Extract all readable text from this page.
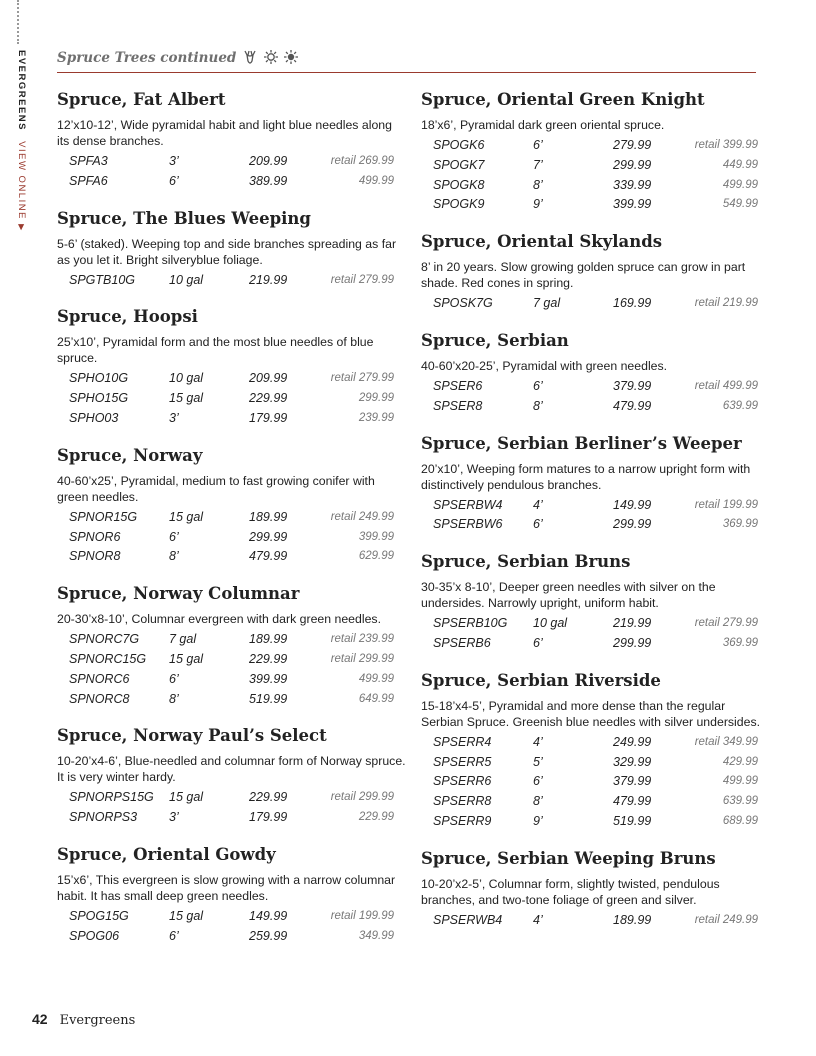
EVERGREENS VIEW ONLINE ▶
Spruce Trees continued
Spruce, Fat Albert

12’x10-12’, Wide pyramidal habit and light blue needles along its dense branches.

SPFA3	3’	209.99	retail 269.99
SPFA6	6’	389.99	499.99
Spruce, The Blues Weeping

5-6’ (staked). Weeping top and side branches spreading as far as you let it. Bright silveryblue foliage.

SPGTB10G	10 gal	219.99	retail 279.99
Spruce, Hoopsi

25’x10’, Pyramidal form and the most blue needles of blue spruce.

SPHO10G	10 gal	209.99	retail 279.99
SPHO15G	15 gal	229.99	299.99
SPHO03	3’	179.99	239.99
Spruce, Norway

40-60’x25’, Pyramidal, medium to fast growing conifer with green needles.

SPNOR15G	15 gal	189.99	retail 249.99
SPNOR6	6’	299.99	399.99
SPNOR8	8’	479.99	629.99
Spruce, Norway Columnar

20-30’x8-10’, Columnar evergreen with dark green needles.

SPNORC7G 7 gal	189.99	retail 239.99
SPNORC15G 15 gal	229.99	retail 299.99
SPNORC6	6’	399.99	499.99
SPNORC8	8’	519.99	649.99
Spruce, Norway Paul’s Select

10-20’x4-6’, Blue-needled and columnar form of Norway spruce. It is very winter hardy.

SPNORPS15G 15 gal	229.99	retail 299.99
SPNORPS3	3’	179.99	229.99
Spruce, Oriental Gowdy

15’x6’, This evergreen is slow growing with a narrow columnar habit. It has small deep green needles.

SPOG15G	15 gal	149.99	retail 199.99
SPOG06	6’	259.99	349.99
Spruce, Oriental Green Knight

18’x6’, Pyramidal dark green oriental spruce.

SPOGK6	6’	279.99	retail 399.99
SPOGK7	7’	299.99	449.99
SPOGK8	8’	339.99	499.99
SPOGK9	9’	399.99	549.99
Spruce, Oriental Skylands

8’ in 20 years. Slow growing golden spruce can grow in part shade. Red cones in spring.

SPOSK7G	7 gal	169.99	retail 219.99
Spruce, Serbian

40-60’x20-25’, Pyramidal with green needles.

SPSER6	6’	379.99	retail 499.99
SPSER8	8’	479.99	639.99
Spruce, Serbian Berliner’s Weeper

20’x10’, Weeping form matures to a narrow upright form with distinctively pendulous branches.

SPSERBW4 4’	149.99	retail 199.99
SPSERBW6 6’	299.99	369.99
Spruce, Serbian Bruns

30-35’x 8-10’, Deeper green needles with silver on the undersides. Narrowly upright, uniform habit.

SPSERB10G 10 gal	219.99	retail 279.99
SPSERB6	6’	299.99	369.99
Spruce, Serbian Riverside

15-18’x4-5’, Pyramidal and more dense than the regular Serbian Spruce. Greenish blue needles with silver undersides.

SPSERR4	4’	249.99	retail 349.99
SPSERR5	5’	329.99	429.99
SPSERR6	6’	379.99	499.99
SPSERR8	8’	479.99	639.99
SPSERR9	9’	519.99	689.99
Spruce, Serbian Weeping Bruns

10-20’x2-5’, Columnar form, slightly twisted, pendulous branches, and two-tone foliage of green and silver.

SPSERWB4 4’	189.99	retail 249.99
42 Evergreens
